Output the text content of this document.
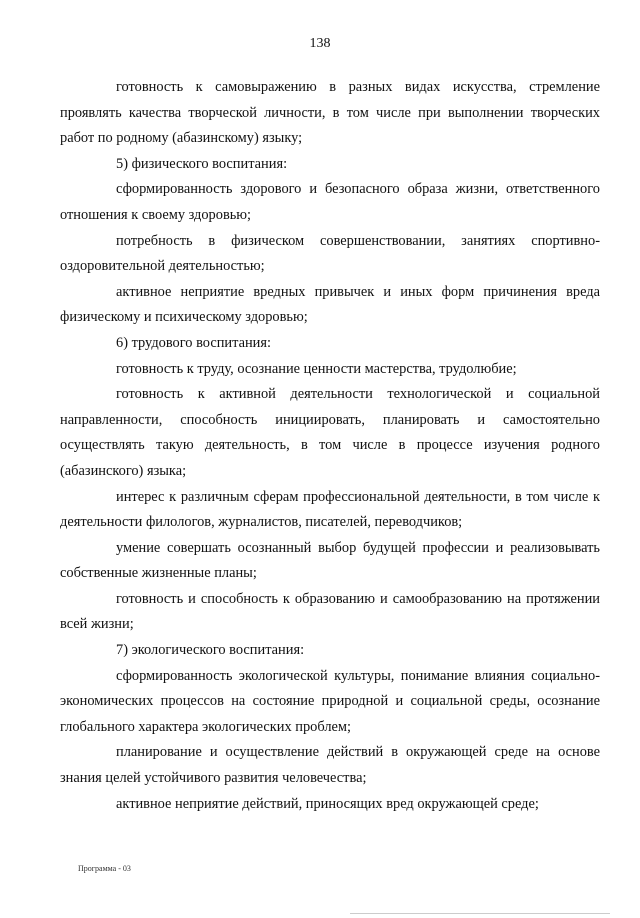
138

готовность к самовыражению в разных видах искусства, стремление проявлять качества творческой личности, в том числе при выполнении творческих работ по родному (абазинскому) языку;

5) физического воспитания:

сформированность здорового и безопасного образа жизни, ответственного отношения к своему здоровью;

потребность в физическом совершенствовании, занятиях спортивно-оздоровительной деятельностью;

активное неприятие вредных привычек и иных форм причинения вреда физическому и психическому здоровью;

6) трудового воспитания:

готовность к труду, осознание ценности мастерства, трудолюбие;

готовность к активной деятельности технологической и социальной направленности, способность инициировать, планировать и самостоятельно осуществлять такую деятельность, в том числе в процессе изучения родного (абазинского) языка;

интерес к различным сферам профессиональной деятельности, в том числе к деятельности филологов, журналистов, писателей, переводчиков;

умение совершать осознанный выбор будущей профессии и реализовывать собственные жизненные планы;

готовность и способность к образованию и самообразованию на протяжении всей жизни;

7) экологического воспитания:

сформированность экологической культуры, понимание влияния социально-экономических процессов на состояние природной и социальной среды, осознание глобального характера экологических проблем;

планирование и осуществление действий в окружающей среде на основе знания целей устойчивого развития человечества;

активное неприятие действий, приносящих вред окружающей среде;

Программа - 03
